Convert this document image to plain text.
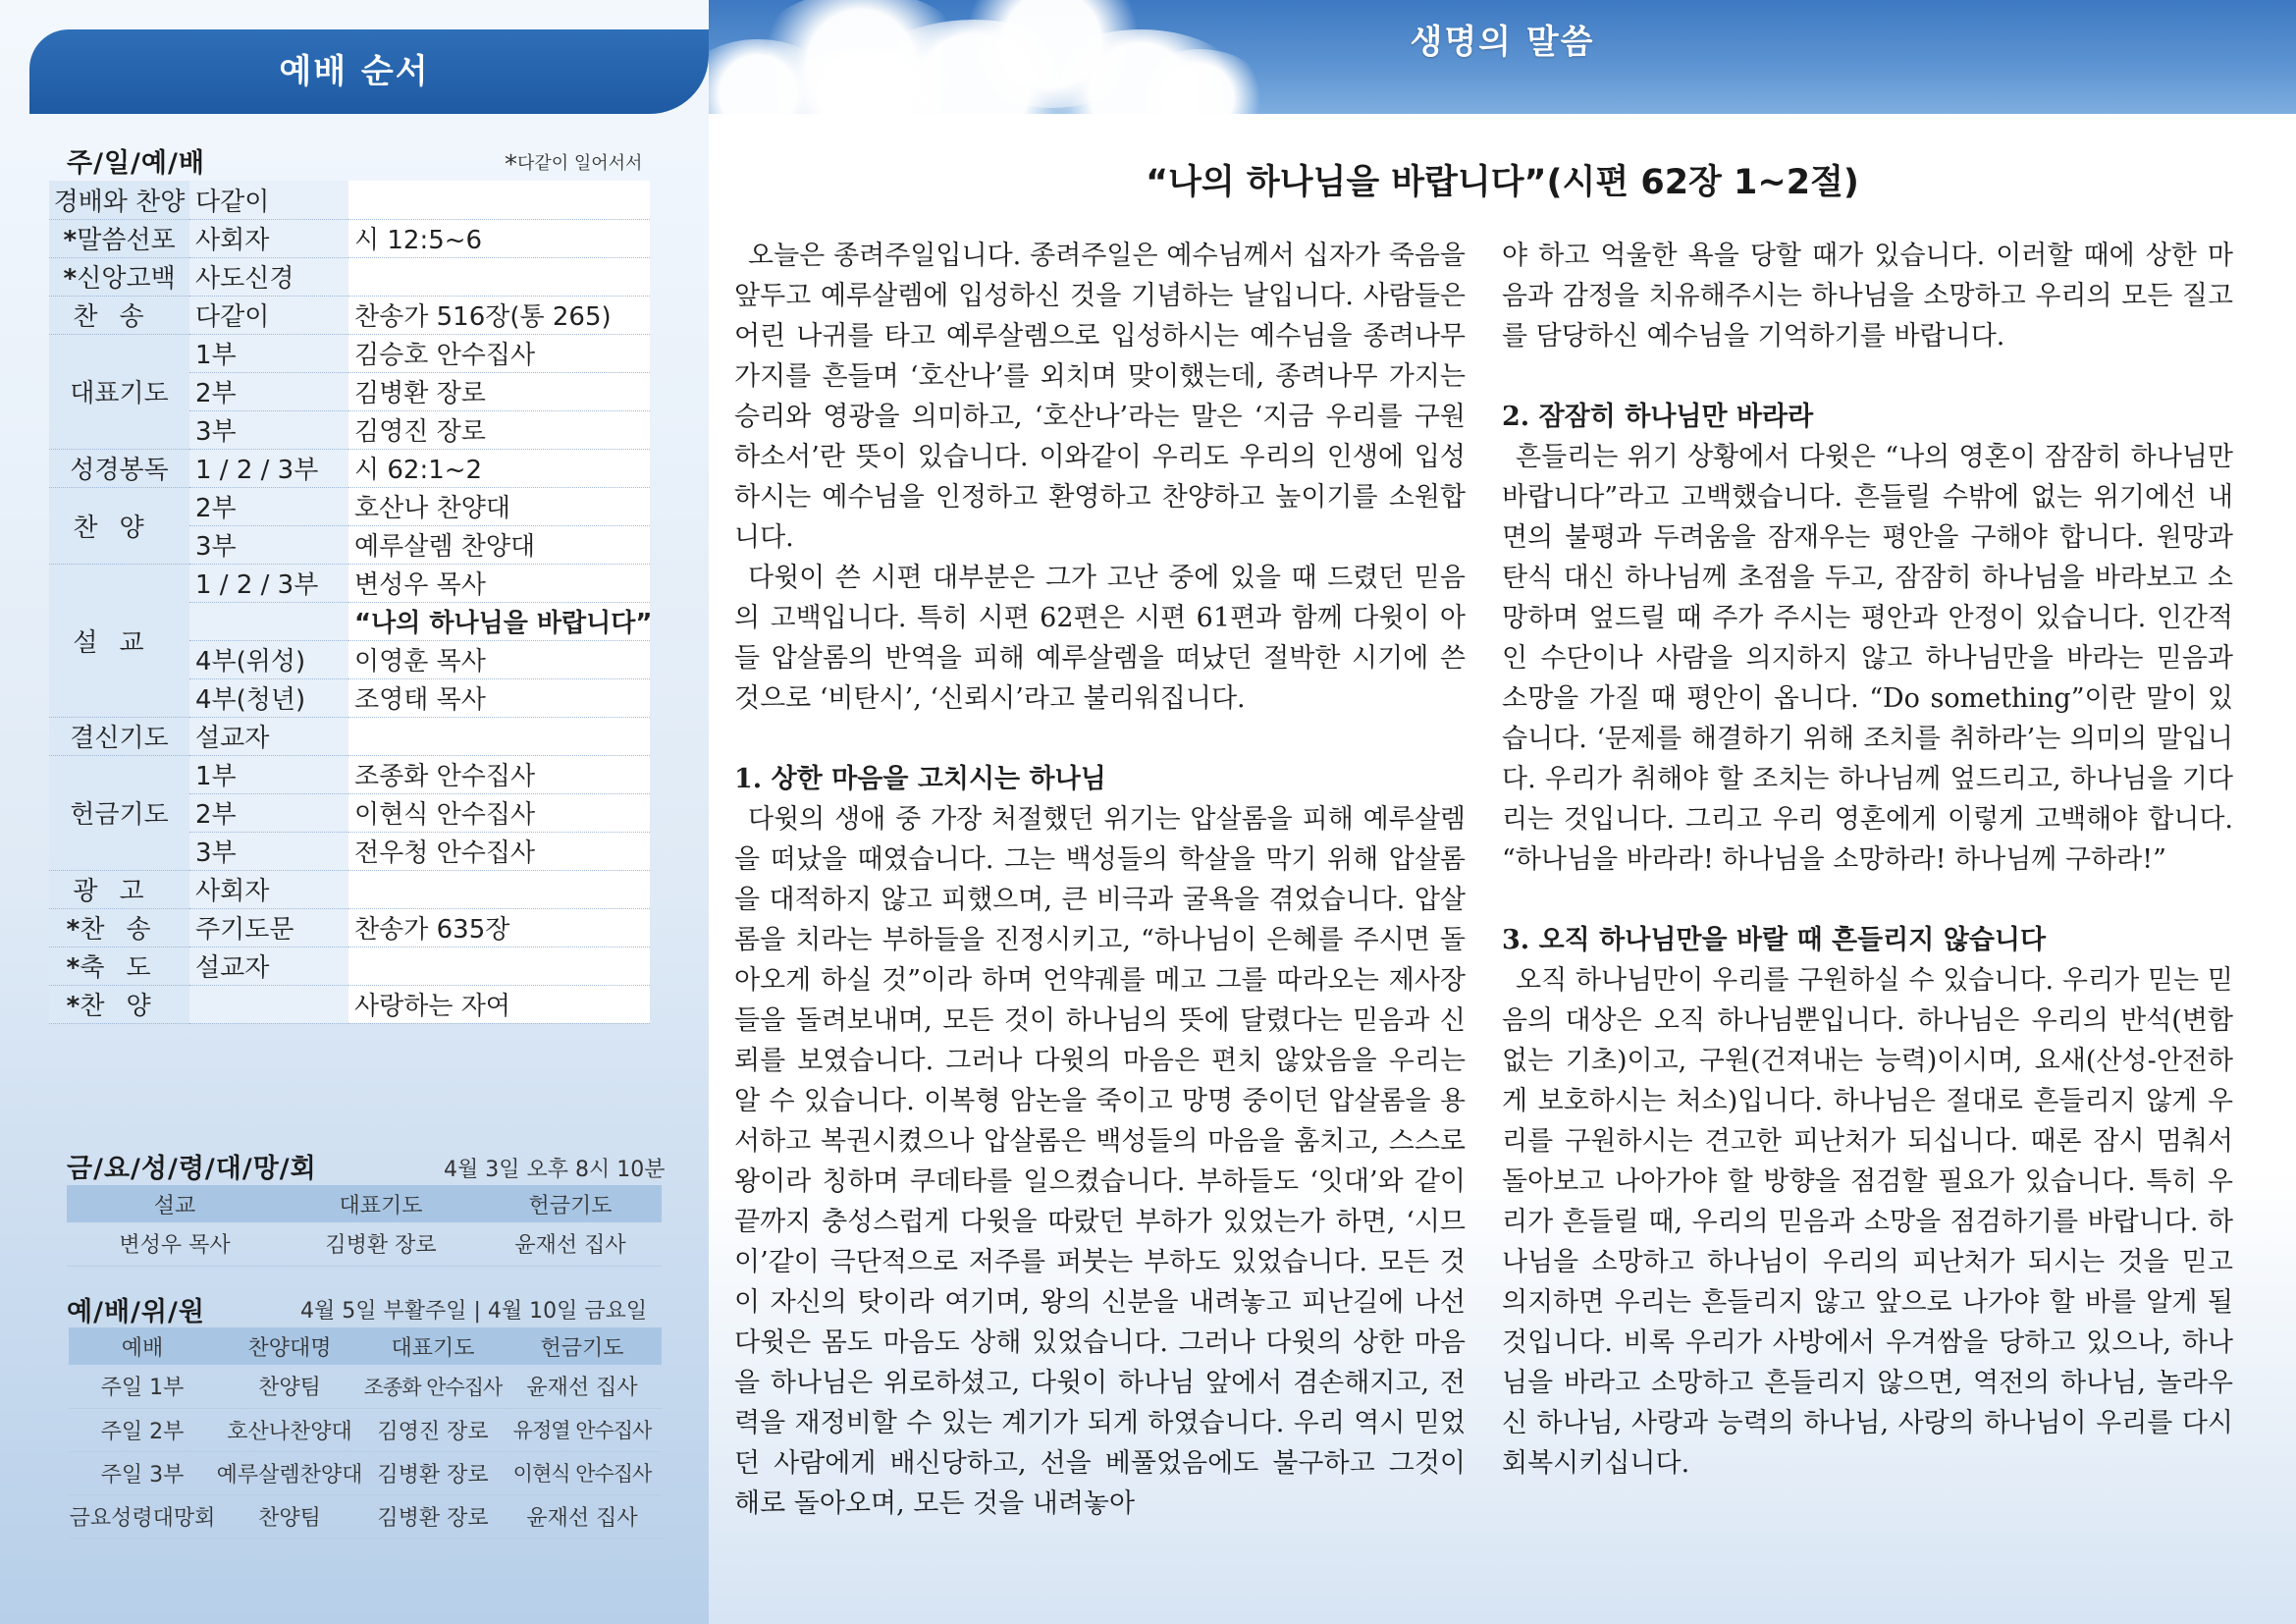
예배 순서
주/일/예/배	*다같이 일어서서
경배와 찬양	다같이	
*말씀선포	사회자	시 12:5~6
*신앙고백	사도신경	
찬송	다같이	찬송가 516장(통 265)
대표기도	1부	김승호 안수집사
	2부	김병환 장로
	3부	김영진 장로
성경봉독	1 / 2 / 3부	시 62:1~2
찬양	2부	호산나 찬양대
	3부	예루살렘 찬양대
설교	1 / 2 / 3부	변성우 목사
		“나의 하나님을 바랍니다”
	4부(위성)	이영훈 목사
	4부(청년)	조영태 목사
결신기도	설교자	
헌금기도	1부	조종화 안수집사
	2부	이현식 안수집사
	3부	전우청 안수집사
광고	사회자	
*찬송	주기도문	찬송가 635장
*축도	설교자	
*찬양		사랑하는 자여
금/요/성/령/대/망/회	4월 3일 오후 8시 10분
설교	대표기도	헌금기도
변성우 목사	김병환 장로	윤재선 집사
예/배/위/원	4월 5일 부활주일 | 4월 10일 금요일
예배	찬양대명	대표기도	헌금기도
주일 1부	찬양팀	조종화 안수집사	윤재선 집사
주일 2부	호산나찬양대	김영진 장로	유정열 안수집사
주일 3부	예루살렘찬양대	김병환 장로	이현식 안수집사
금요성령대망회	찬양팀	김병환 장로	윤재선 집사
생명의 말씀
“나의 하나님을 바랍니다”(시편 62장 1~2절)

오늘은 종려주일입니다. 종려주일은 예수님께서 십자가 죽음을 앞두고 예루살렘에 입성하신 것을 기념하는 날입니다. 사람들은 어린 나귀를 타고 예루살렘으로 입성하시는 예수님을 종려나무 가지를 흔들며 ‘호산나’를 외치며 맞이했는데, 종려나무 가지는 승리와 영광을 의미하고, ‘호산나’라는 말은 ‘지금 우리를 구원하소서’란 뜻이 있습니다. 이와같이 우리도 우리의 인생에 입성하시는 예수님을 인정하고 환영하고 찬양하고 높이기를 소원합니다.

다윗이 쓴 시편 대부분은 그가 고난 중에 있을 때 드렸던 믿음의 고백입니다. 특히 시편 62편은 시편 61편과 함께 다윗이 아들 압살롬의 반역을 피해 예루살렘을 떠났던 절박한 시기에 쓴 것으로 ‘비탄시’, ‘신뢰시’라고 불리워집니다.

1. 상한 마음을 고치시는 하나님

다윗의 생애 중 가장 처절했던 위기는 압살롬을 피해 예루살렘을 떠났을 때였습니다. 그는 백성들의 학살을 막기 위해 압살롬을 대적하지 않고 피했으며, 큰 비극과 굴욕을 겪었습니다. 압살롬을 치라는 부하들을 진정시키고, “하나님이 은혜를 주시면 돌아오게 하실 것”이라 하며 언약궤를 메고 그를 따라오는 제사장들을 돌려보내며, 모든 것이 하나님의 뜻에 달렸다는 믿음과 신뢰를 보였습니다. 그러나 다윗의 마음은 편치 않았음을 우리는 알 수 있습니다. 이복형 암논을 죽이고 망명 중이던 압살롬을 용서하고 복권시켰으나 압살롬은 백성들의 마음을 훔치고, 스스로 왕이라 칭하며 쿠데타를 일으켰습니다. 부하들도 ‘잇대’와 같이 끝까지 충성스럽게 다윗을 따랐던 부하가 있었는가 하면, ‘시므이’같이 극단적으로 저주를 퍼붓는 부하도 있었습니다. 모든 것이 자신의 탓이라 여기며, 왕의 신분을 내려놓고 피난길에 나선 다윗은 몸도 마음도 상해 있었습니다. 그러나 다윗의 상한 마음을 하나님은 위로하셨고, 다윗이 하나님 앞에서 겸손해지고, 전력을 재정비할 수 있는 계기가 되게 하였습니다. 우리 역시 믿었던 사람에게 배신당하고, 선을 베풀었음에도 불구하고 그것이 해로 돌아오며, 모든 것을 내려놓아

야 하고 억울한 욕을 당할 때가 있습니다. 이러할 때에 상한 마음과 감정을 치유해주시는 하나님을 소망하고 우리의 모든 질고를 담당하신 예수님을 기억하기를 바랍니다.

2. 잠잠히 하나님만 바라라

흔들리는 위기 상황에서 다윗은 “나의 영혼이 잠잠히 하나님만 바랍니다”라고 고백했습니다. 흔들릴 수밖에 없는 위기에선 내면의 불평과 두려움을 잠재우는 평안을 구해야 합니다. 원망과 탄식 대신 하나님께 초점을 두고, 잠잠히 하나님을 바라보고 소망하며 엎드릴 때 주가 주시는 평안과 안정이 있습니다. 인간적인 수단이나 사람을 의지하지 않고 하나님만을 바라는 믿음과 소망을 가질 때 평안이 옵니다. “Do something”이란 말이 있습니다. ‘문제를 해결하기 위해 조치를 취하라’는 의미의 말입니다. 우리가 취해야 할 조치는 하나님께 엎드리고, 하나님을 기다리는 것입니다. 그리고 우리 영혼에게 이렇게 고백해야 합니다. “하나님을 바라라! 하나님을 소망하라! 하나님께 구하라!”

3. 오직 하나님만을 바랄 때 흔들리지 않습니다

오직 하나님만이 우리를 구원하실 수 있습니다. 우리가 믿는 믿음의 대상은 오직 하나님뿐입니다. 하나님은 우리의 반석(변함없는 기초)이고, 구원(건져내는 능력)이시며, 요새(산성-안전하게 보호하시는 처소)입니다. 하나님은 절대로 흔들리지 않게 우리를 구원하시는 견고한 피난처가 되십니다. 때론 잠시 멈춰서 돌아보고 나아가야 할 방향을 점검할 필요가 있습니다. 특히 우리가 흔들릴 때, 우리의 믿음과 소망을 점검하기를 바랍니다. 하나님을 소망하고 하나님이 우리의 피난처가 되시는 것을 믿고 의지하면 우리는 흔들리지 않고 앞으로 나가야 할 바를 알게 될 것입니다. 비록 우리가 사방에서 우겨쌈을 당하고 있으나, 하나님을 바라고 소망하고 흔들리지 않으면, 역전의 하나님, 놀라우신 하나님, 사랑과 능력의 하나님, 사랑의 하나님이 우리를 다시 회복시키십니다.
